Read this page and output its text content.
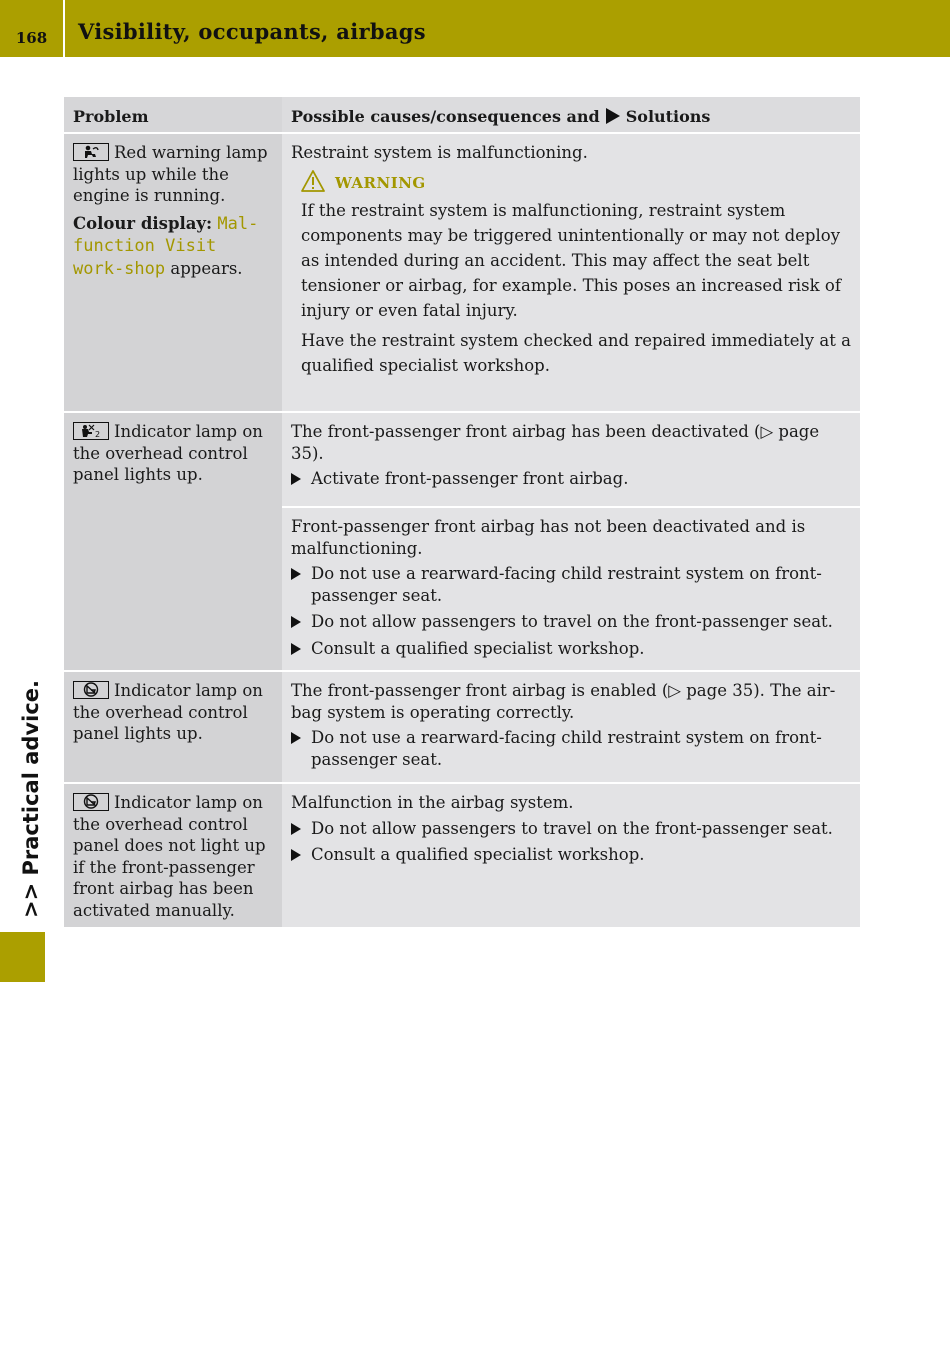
168	Visibility, occupants, airbags
>> Practical advice.
Problem	Possible causes/consequences and Solutions
Red warning lamp lights up while the engine is running.
Colour display: Mal-function Visit work-shop appears.
Restraint system is malfunctioning.
WARNING
If the restraint system is malfunctioning, restraint system components may be triggered unintentionally or may not deploy as intended during an accident. This may affect the seat belt tensioner or airbag, for example. This poses an increased risk of injury or even fatal injury.
Have the restraint system checked and repaired immediately at a qualified specialist workshop.
2 Indicator lamp on the overhead control panel lights up.
The front-passenger front airbag has been deactivated (▷ page 35).
Activate front-passenger front airbag.
Front-passenger front airbag has not been deactivated and is malfunctioning.
Do not use a rearward-facing child restraint system on front-passenger seat.
Do not allow passengers to travel on the front-passenger seat.
Consult a qualified specialist workshop.
Indicator lamp on the overhead control panel lights up.
The front-passenger front airbag is enabled (▷ page 35). The air-bag system is operating correctly.
Do not use a rearward-facing child restraint system on front-passenger seat.
Indicator lamp on the overhead control panel does not light up if the front-passenger front airbag has been activated manually.
Malfunction in the airbag system.
Do not allow passengers to travel on the front-passenger seat.
Consult a qualified specialist workshop.
